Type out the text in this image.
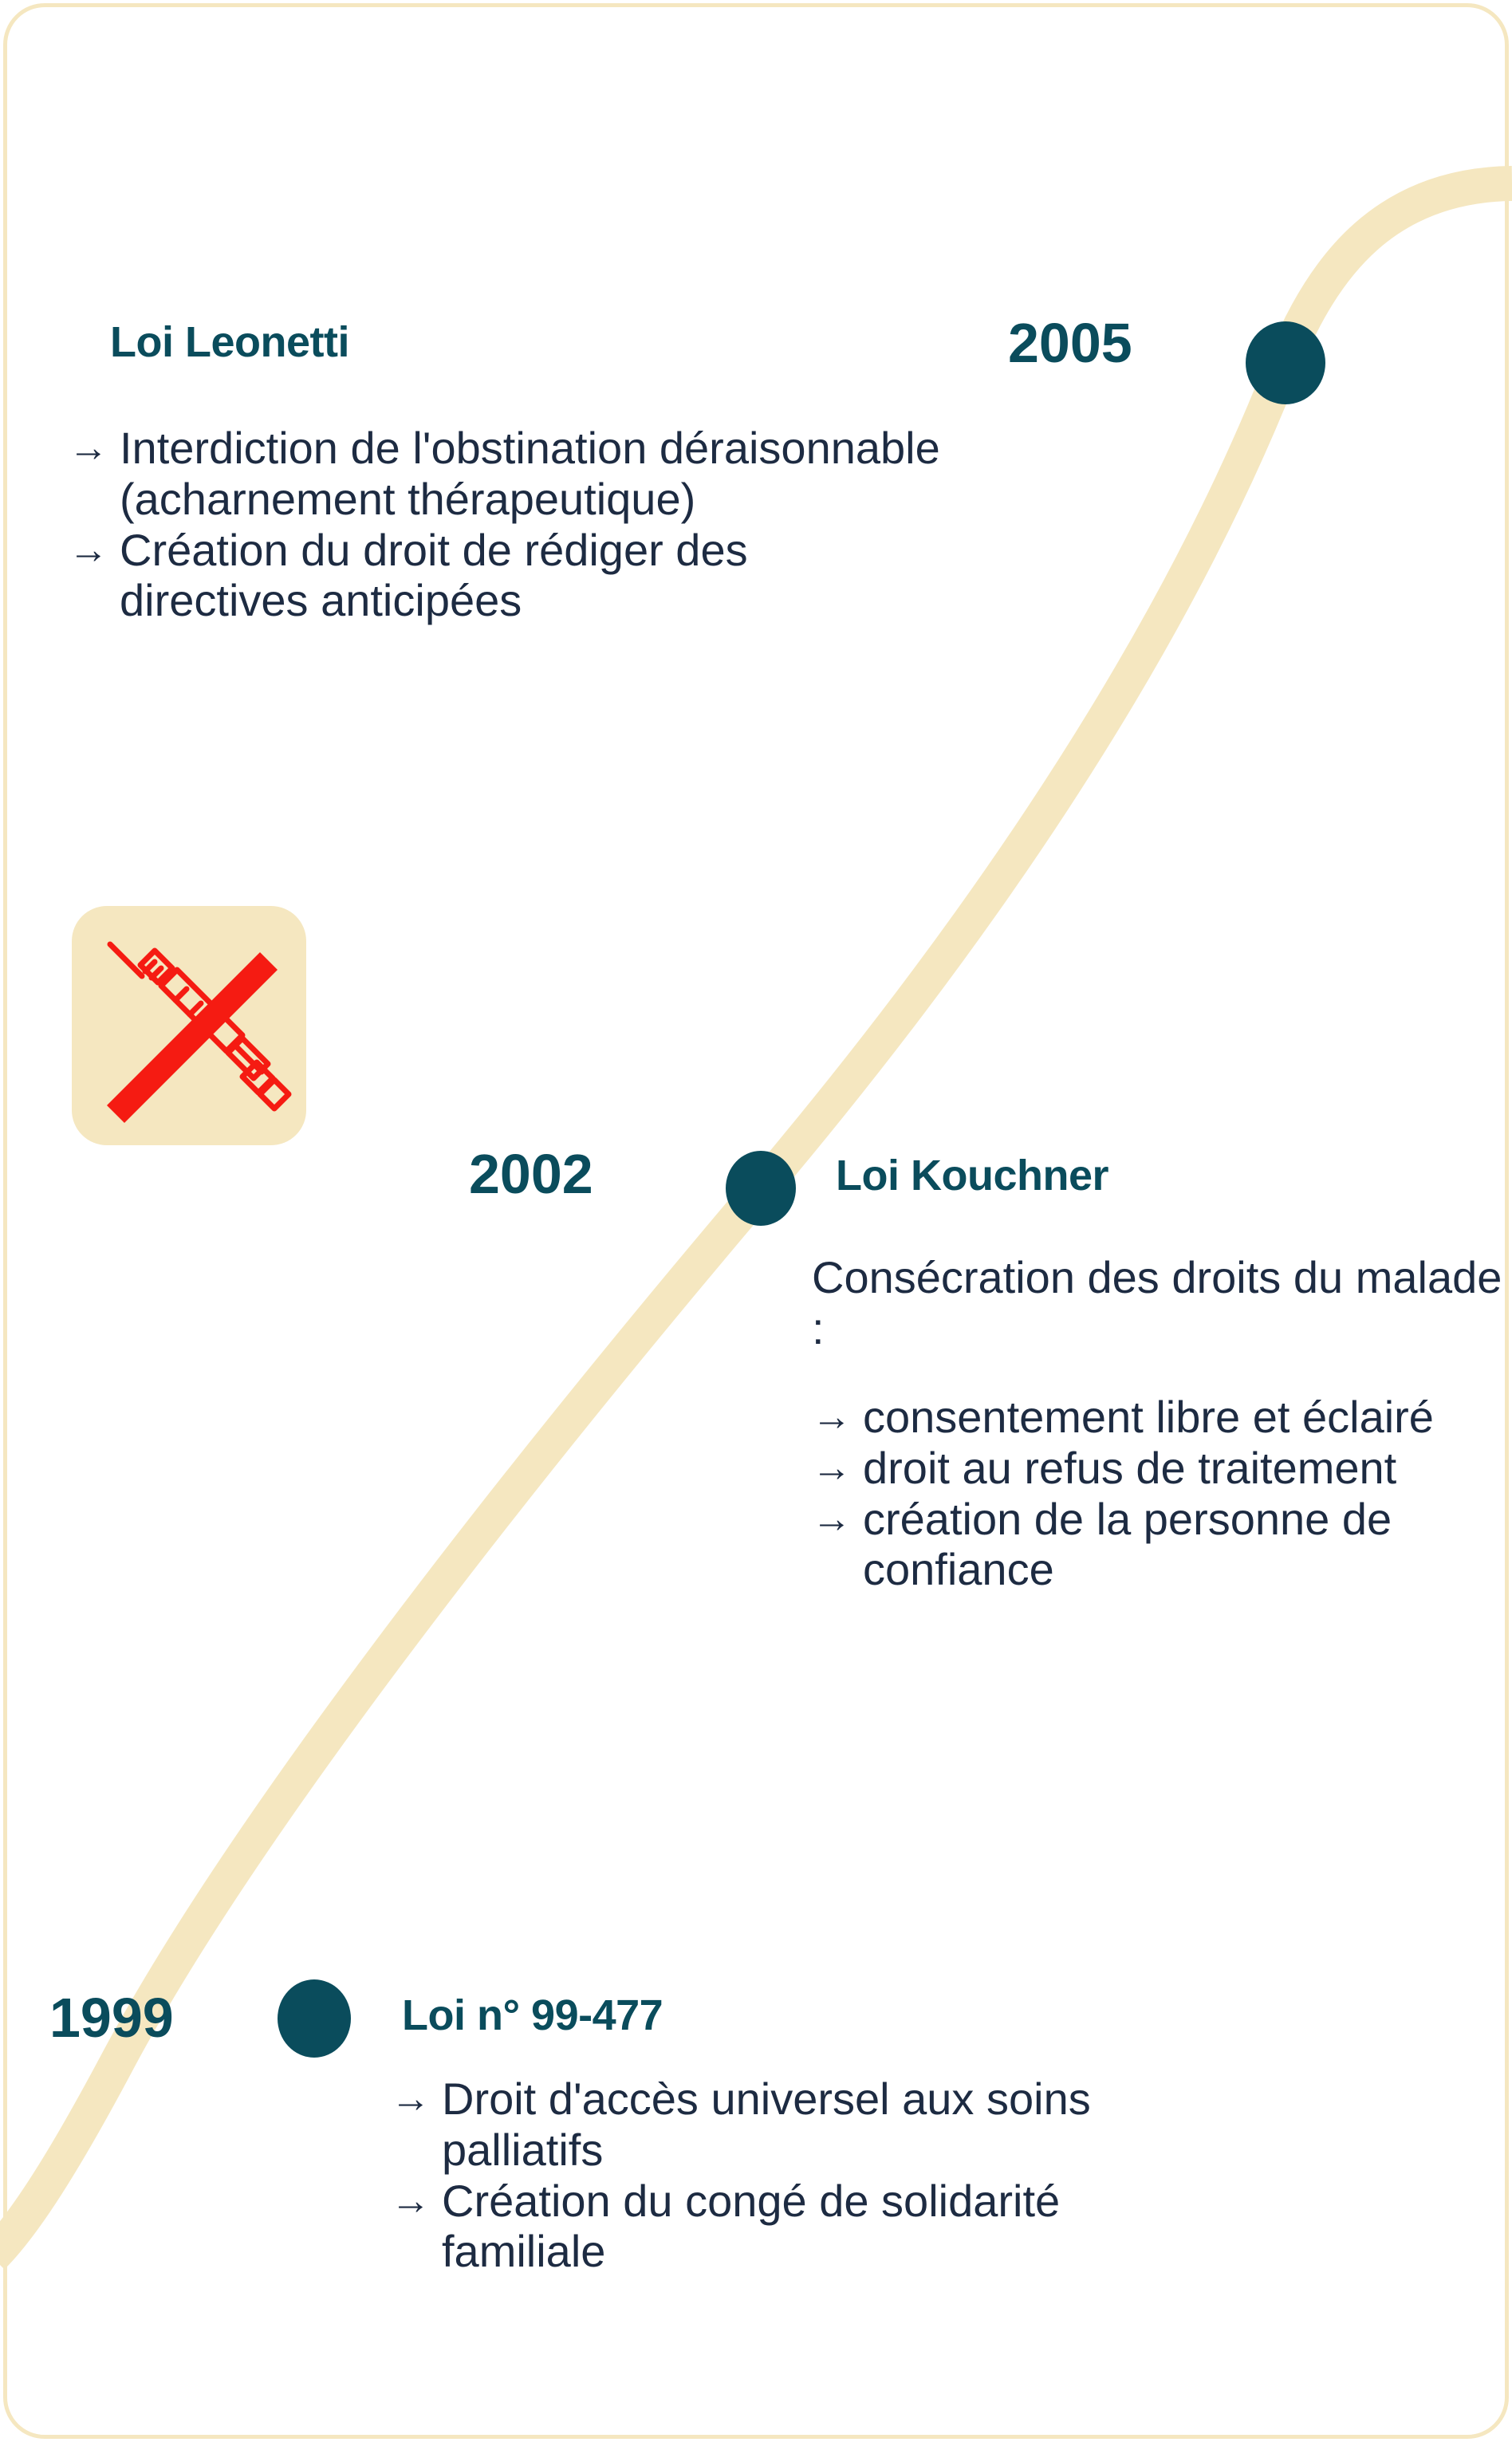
Loi Leonetti	2005
→ Interdiction de l'obstination déraisonnable (acharnement thérapeutique)
→ Création du droit de rédiger des directives anticipées
2002	Loi Kouchner
Consécration des droits du malade :
→ consentement libre et éclairé
→ droit au refus de traitement
→ création de la personne de confiance
1999	Loi n° 99-477
→ Droit d'accès universel aux soins palliatifs
→ Création du congé de solidarité familiale
